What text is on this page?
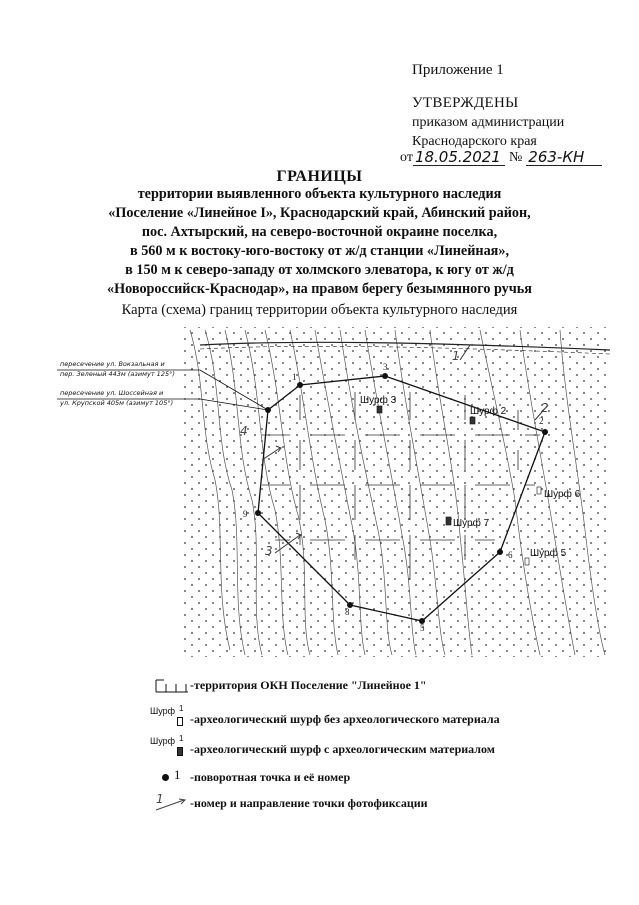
Приложение 1
УТВЕРЖДЕНЫ
приказом администрации
Краснодарского края
от 18.05.2021 № 263-КН
ГРАНИЦЫ
территории выявленного объекта культурного наследия
«Поселение «Линейное I», Краснодарский край, Абинский район,
пос. Ахтырский, на северо-восточной окраине поселка,
в 560 м к востоку-юго-востоку от ж/д станции «Линейная»,
в 150 м к северо-западу от холмского элеватора, к югу от ж/д
«Новороссийск-Краснодар», на правом берегу безымянного ручья
Карта (схема) границ территории объекта культурного наследия
пересечение ул. Вокзальная и
пер. Зеленый 443м (азимут 125°)
пересечение ул. Шоссейная и
ул. Крупской 405м (азимут 105°)	Шурф 3
Шурф 2
Шурф 6
Шурф 7
Шурф 5
1
3
2
6
5
8
9
1
2
3
4
-территория ОКН Поселение "Линейное 1"
Шурф 1
-археологический шурф без археологического материала
Шурф 1
-археологический шурф с археологическим материалом
1 -поворотная точка и её номер
1 -номер и направление точки фотофиксации
